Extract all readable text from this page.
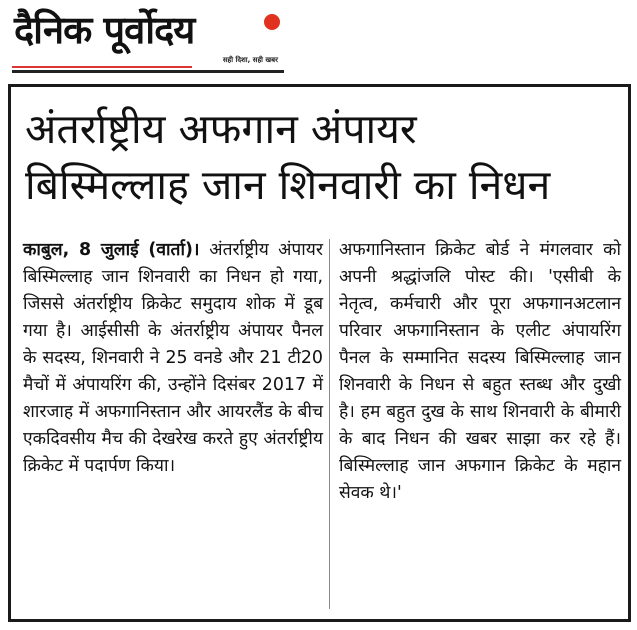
दैनिक पूर्वोदय
सही दिशा, सही खबर
अंतर्राष्ट्रीय अफगान अंपायर
बिस्मिल्लाह जान शिनवारी का निधन
काबुल, 8 जुलाई (वार्ता)। अंतर्राष्ट्रीय अंपायर बिस्मिल्लाह जान शिनवारी का निधन हो गया, जिससे अंतर्राष्ट्रीय क्रिकेट समुदाय शोक में डूब गया है। आईसीसी के अंतर्राष्ट्रीय अंपायर पैनल के सदस्य, शिनवारी ने 25 वनडे और 21 टी20 मैचों में अंपायरिंग की, उन्होंने दिसंबर 2017 में शारजाह में अफगानिस्तान और आयरलैंड के बीच एकदिवसीय मैच की देखरेख करते हुए अंतर्राष्ट्रीय क्रिकेट में पदार्पण किया।
अफगानिस्तान क्रिकेट बोर्ड ने मंगलवार को अपनी श्रद्धांजलि पोस्ट की। 'एसीबी के नेतृत्व, कर्मचारी और पूरा अफगानअटलान परिवार अफगानिस्तान के एलीट अंपायरिंग पैनल के सम्मानित सदस्य बिस्मिल्लाह जान शिनवारी के निधन से बहुत स्तब्ध और दुखी है। हम बहुत दुख के साथ शिनवारी के बीमारी के बाद निधन की खबर साझा कर रहे हैं। बिस्मिल्लाह जान अफगान क्रिकेट के महान सेवक थे।'
